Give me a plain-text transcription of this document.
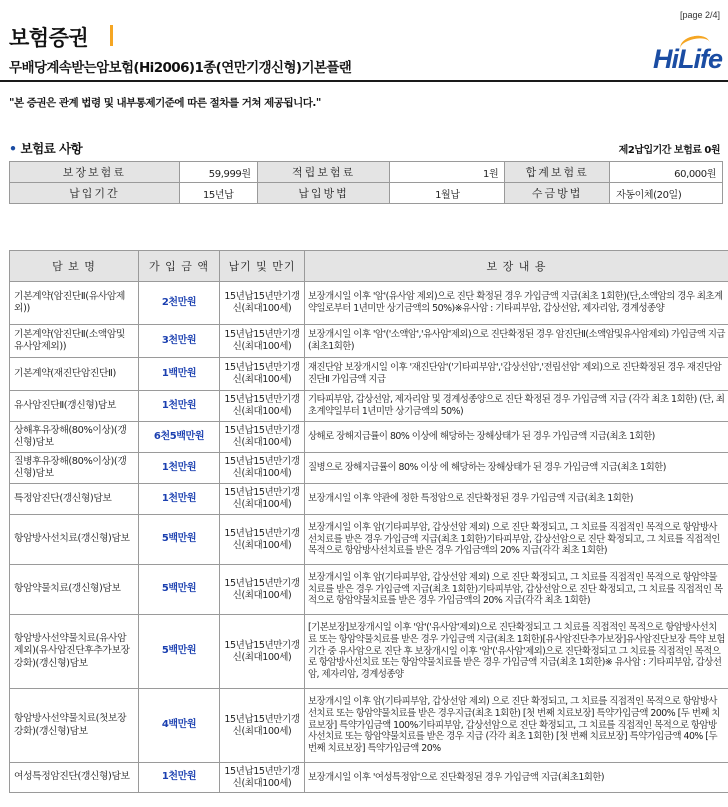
[page 2/4]
보험증권
무배당계속받는암보험(Hi2006)1종(연만기갱신형)기본플랜	HiLife
"본 증권은 관계 법령 및 내부통제기준에 따른 절차를 거쳐 제공됩니다."
• 보험료 사항	제2납입기간 보험료 0원
보장보험료	59,999원	적립보험료	1원	합계보험료	60,000원
납입기간	15년납	납입방법	1월납	수금방법	자동이체(20일)
담 보 명	가 입 금 액	납기 및 만기	보 장 내 용
기본계약(암진단Ⅱ(유사암제외))	2천만원	15년납15년만기갱신(최대100세)	보장개시일 이후 '암'(유사암 제외)으로 진단 확정된 경우 가입금액 지급(최초 1회한)(단,소액암의 경우 최초계약일로부터 1년미만 상기금액의 50%)※유사암 : 기타피부암, 갑상선암, 제자리암, 경계성종양
기본계약(암진단Ⅱ(소액암및유사암제외))	3천만원	15년납15년만기갱신(최대100세)	보장개시일 이후 '암'('소액암','유사암'제외)으로 진단확정된 경우 암진단Ⅱ(소액암및유사암제외) 가입금액 지급(최초1회한)
기본계약(재진단암진단Ⅱ)	1백만원	15년납15년만기갱신(최대100세)	재진단암 보장개시일 이후 '재진단암'('기타피부암','갑상선암','전립선암' 제외)으로 진단확정된 경우 재진단암진단Ⅱ 가입금액 지급
유사암진단Ⅱ(갱신형)담보	1천만원	15년납15년만기갱신(최대100세)	기타피부암, 갑상선암, 제자리암 및 경계성종양으로 진단 확정된 경우 가입금액 지급 (각각 최초 1회한) (단, 최초계약일부터 1년미만 상기금액의 50%)
상해후유장해(80%이상)(갱신형)담보	6천5백만원	15년납15년만기갱신(최대100세)	상해로 장해지급률이 80% 이상에 해당하는 장해상태가 된 경우 가입금액 지급(최초 1회한)
질병후유장해(80%이상)(갱신형)담보	1천만원	15년납15년만기갱신(최대100세)	질병으로 장해지급률이 80% 이상 에 해당하는 장해상태가 된 경우 가입금액 지급(최초 1회한)
특정암진단(갱신형)담보	1천만원	15년납15년만기갱신(최대100세)	보장개시일 이후 약관에 정한 특정암으로 진단확정된 경우 가입금액 지급(최초 1회한)
항암방사선치료(갱신형)담보	5백만원	15년납15년만기갱신(최대100세)	보장개시일 이후 암(기타피부암, 갑상선암 제외) 으로 진단 확정되고, 그 치료를 직접적인 목적으로 항암방사선치료를 받은 경우 가입금액 지급(최초 1회한)기타피부암, 갑상선암으로 진단 확정되고, 그 치료를 직접적인 목적으로 항암방사선치료를 받은 경우 가입금액의 20% 지급(각각 최초 1회한)
항암약물치료(갱신형)담보	5백만원	15년납15년만기갱신(최대100세)	보장개시일 이후 암(기타피부암, 갑상선암 제외) 으로 진단 확정되고, 그 치료를 직접적인 목적으로 항암약물치료를 받은 경우 가입금액 지급(최초 1회한)기타피부암, 갑상선암으로 진단 확정되고, 그 치료를 직접적인 목적으로 항암약물치료를 받은 경우 가입금액의 20% 지급(각각 최초 1회한)
항암방사선약물치료(유사암제외)(유사암진단후추가보장강화)(갱신형)담보	5백만원	15년납15년만기갱신(최대100세)	[기본보장]보장개시일 이후 '암'('유사암'제외)으로 진단확정되고 그 치료를 직접적인 목적으로 항암방사선치료 또는 항암약물치료를 받은 경우 가입금액 지급(최초 1회한)[유사암진단추가보장]유사암진단보장 특약 보험기간 중 유사암으로 진단 후 보장개시일 이후 '암'('유사암'제외)으로 진단확정되고 그 치료를 직접적인 목적으로 항암방사선치료 또는 항암약물치료를 받은 경우 가입금액 지급(최초 1회한)※ 유사암 : 기타피부암, 갑상선암, 제자리암, 경계성종양
항암방사선약물치료(첫보장강화)(갱신형)담보	4백만원	15년납15년만기갱신(최대100세)	보장개시일 이후 암(기타피부암, 갑상선암 제외) 으로 진단 확정되고, 그 치료를 직접적인 목적으로 항암방사선치료 또는 항암약물치료를 받은 경우지급(최초 1회한) [첫 번째 치료보장] 특약가입금액 200% [두 번째 치료보장] 특약가입금액 100%기타피부암, 갑상선암으로 진단 확정되고, 그 치료를 직접적인 목적으로 항암방사선치료 또는 항암약물치료를 받은 경우 지급 (각각 최초 1회한) [첫 번째 치료보장] 특약가입금액 40% [두 번째 치료보장] 특약가입금액 20%
여성특정암진단(갱신형)담보	1천만원	15년납15년만기갱신(최대100세)	보장개시일 이후 '여성특정암'으로 진단확정된 경우 가입금액 지급(최초1회한)
